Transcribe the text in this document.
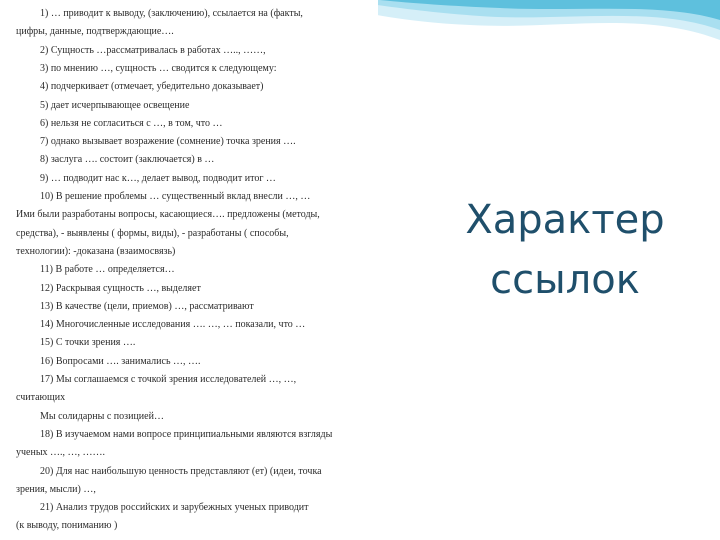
1) … приводит к выводу, (заключению), ссылается на (факты,
цифры, данные, подтверждающие….
2) Сущность …рассматривалась в работах ….., ……,
3) по мнению …, сущность … сводится к следующему:
4) подчеркивает (отмечает, убедительно доказывает)
5) дает исчерпывающее освещение
6) нельзя не согласиться с …, в том, что …
7) однако вызывает возражение (сомнение) точка зрения ….
8) заслуга …. состоит (заключается) в …
9) … подводит нас к…, делает вывод, подводит итог …
10) В решение проблемы … существенный вклад внесли …, …
Ими были разработаны вопросы, касающиеся…. предложены (методы,
средства), - выявлены ( формы, виды), - разработаны ( способы,
технологии): -доказана (взаимосвязь)
11) В работе … определяется…
12) Раскрывая сущность …, выделяет
13) В качестве (цели, приемов) …, рассматривают
14) Многочисленные исследования …. …, … показали, что …
15) С точки зрения ….
16) Вопросами …. занимались …, ….
17) Мы соглашаемся с точкой зрения исследователей …, …,
считающих
Мы солидарны с позицией…
18) В изучаемом нами вопросе принципиальными являются взгляды
ученых …., …, …….
20) Для нас наибольшую ценность представляют (ет) (идеи, точка
зрения, мысли) …,
21) Анализ трудов российских и зарубежных ученых приводит
(к выводу, пониманию )
Характер
ссылок
